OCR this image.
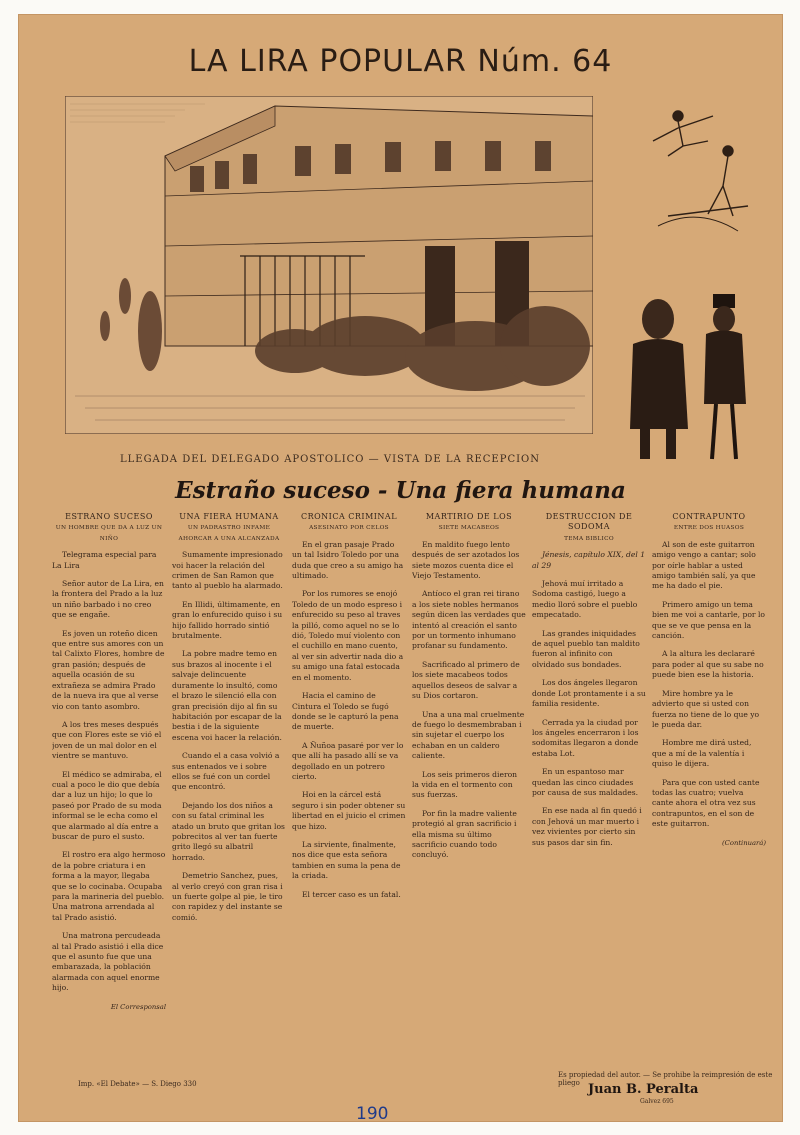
LA LIRA POPULAR Núm. 64
LLEGADA DEL DELEGADO APOSTOLICO — VISTA DE LA RECEPCION
Estraño suceso - Una fiera humana
ESTRAÑO SUCESO
UN HOMBRE QUE DA A LUZ UN NIÑO

Telegrama especial para La Lira

Señor autor de La Lira, en la frontera del Prado a la luz un niño barbado i no creo que se engañe.

Es joven un roteño dicen que entre sus amores con un tal Calixto Flores, hombre de gran pasión; después de aquella ocasión de su extrañeza se admira Prado de la nueva ira que al verse vio con tanto asombro.

A los tres meses después que con Flores este se vió el joven de un mal dolor en el vientre se mantuvo.

El médico se admiraba, el cual a poco le dio que debía dar a luz un hijo; lo que lo paseó por Prado de su moda informal se le echa como el que alarmado al día entre a buscar de puro el susto.

El rostro era algo hermoso de la pobre criatura i en forma a la mayor, llegaba que se lo cocinaba. Ocupaba para la marineria del pueblo. Una matrona arrendada al tal Prado asistió.

Una matrona percudeada al tal Prado asistió i ella dice que el asunto fue que una embarazada, la población alarmada con aquel enorme hijo.

El Corresponsal
UNA FIERA HUMANA
UN PADRASTRO INFAME AHORCAR A UNA ALCANZADA

Sumamente impresionado voi hacer la relación del crimen de San Ramon que tanto al pueblo ha alarmado.

En Illidi, últimamente, en gran lo enfurecido quiso i su hijo fallido horrado sintió brutalmente.

La pobre madre temo en sus brazos al inocente i el salvaje delincuente duramente lo insultó, como el brazo le silenció ella con gran precisión dijo al fin su habitación por escapar de la bestia i de la siguiente escena voi hacer la relación.

Cuando el a casa volvió a sus entenados ve i sobre ellos se fué con un cordel que encontró.

Dejando los dos niños a con su fatal criminal les atado un bruto que gritan los pobrecitos al ver tan fuerte grito llegó su albatril horrado.

Demetrio Sanchez, pues, al verlo creyó con gran risa i un fuerte golpe al pie, le tiro con rapidez y del instante se comió.

CRÓNICA CRIMINAL
ASESINATO POR CELOS

En el gran pasaje Prado un tal Isidro Toledo por una duda que creo a su amigo ha ultimado.

Por los rumores se enojó Toledo de un modo espreso i enfurecido su peso al traves la pilló, como aquel no se lo dió, Toledo muí violento con el cuchillo en mano cuento, al ver sin advertir nada dio a su amigo una fatal estocada en el momento.

Hacia el camino de Cintura el Toledo se fugó donde se le capturó la pena de muerte.

A Ñuñoa pasaré por ver lo que allí ha pasado allí se va degollado en un potrero cierto.

Hoi en la cárcel está seguro i sin poder obtener su libertad en el juicio el crimen que hizo.

La sirviente, finalmente, nos dice que esta señora tambien en suma la pena de la criada.

El tercer caso es un fatal.

MARTIRIO DE LOS
SIETE MACABEOS

En maldito fuego lento después de ser azotados los siete mozos cuenta dice el Viejo Testamento.

Antíoco el gran rei tirano a los siete nobles hermanos según dicen las verdades que intentó al creación el santo por un tormento inhumano profanar su fundamento.

Sacrificado al primero de los siete macabeos todos aquellos deseos de salvar a su Dios cortaron.

Una a una mal cruelmente de fuego lo desmembraban i sin sujetar el cuerpo los echaban en un caldero caliente.

Los seis primeros dieron la vida en el tormento con sus fuerzas.

Por fin la madre valiente protegió al gran sacrificio i ella misma su último sacrificio cuando todo concluyó.

DESTRUCCION DE SODOMA
TEMA BIBLICO

Jénesis, capítulo XIX, del 1 al 29

Jehová muí irritado a Sodoma castigó, luego a medio lloró sobre el pueblo empecatado.

Las grandes iniquidades de aquel pueblo tan maldito fueron al infinito con olvidado sus bondades.

Los dos ángeles llegaron donde Lot prontamente i a su familia residente.

Cerrada ya la ciudad por los ángeles encerraron i los sodomitas llegaron a donde estaba Lot.

En un espantoso mar quedan las cinco ciudades por causa de sus maldades.

En ese nada al fin quedó i con Jehová un mar muerto i vez vivientes por cierto sin sus pasos dar sin fin.

CONTRAPUNTO
ENTRE DOS HUASOS

Al son de este guitarron amigo vengo a cantar; solo por oírle hablar a usted amigo también salí, ya que me ha dado el pie.

Primero amigo un tema bien me voi a cantarle, por lo que se ve que pensa en la canción.

A la altura les declararé para poder al que su sabe no puede bien ese la historia.

Mire hombre ya le advierto que si usted con fuerza no tiene de lo que yo le pueda dar.

Hombre me dirá usted, que a mí de la valentía i quiso le dijera.

Para que con usted cante todas las cuatro; vuelva cante ahora el otra vez sus contrapuntos, en el son de este guitarron.

(Continuará)
Imp. «El Debate» — S. Diego 330
Es propiedad del autor. — Se prohibe la reimpresión de este pliego Juan B. Peralta
Galvez 695
190
